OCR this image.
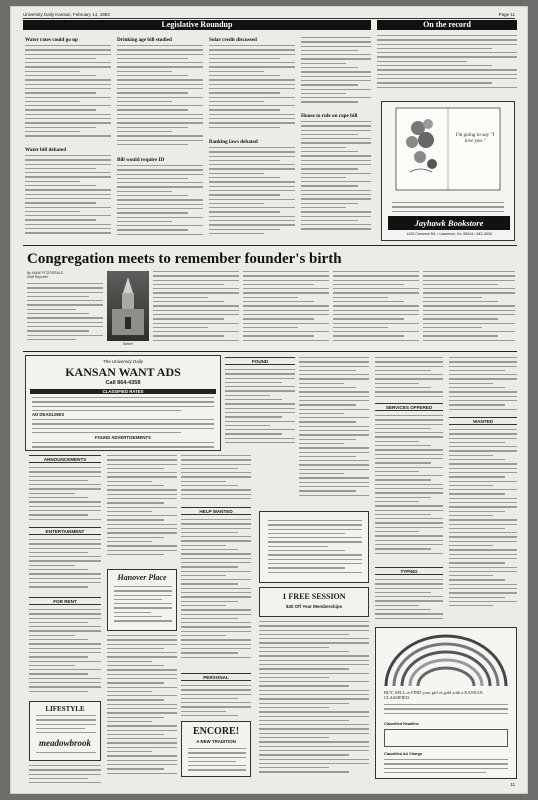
University Daily Kansan, February 14, 1983	Page 11
Legislative Roundup	On the record
Water rates could go up
Water bill debated
Drinking age bill studied
Bill would require ID
Solar credit discussed
Banking laws debated
House to rule on rape bill
I'm going to say "I love you."
Jayhawk Bookstore
1420 Crescent Rd. • Lawrence, Ks. 66044 • 843-3826
Congregation meets to remember founder's birth
By ANNE FITZGERALD
Staff Reporter
Bethel
The University Daily
KANSAN WANT ADS
Call 864-4358
CLASSIFIED RATES
AD DEADLINES
FOUND ADVERTISEMENTS
ANNOUNCEMENTS
ENTERTAINMENT
FOR RENT
LIFESTYLE
meadowbrook
Hanover Place
HELP WANTED
PERSONAL
ENCORE!
A NEW TRADITION
FOUND
1 FREE SESSION
$30 Off Year Memberships
SERVICES OFFERED
TYPING
WANTED
BUY, SELL or FIND your girl of gold with a KANSAN CLASSIFIED.
Classified Headline
Classified Ad Charge
11
